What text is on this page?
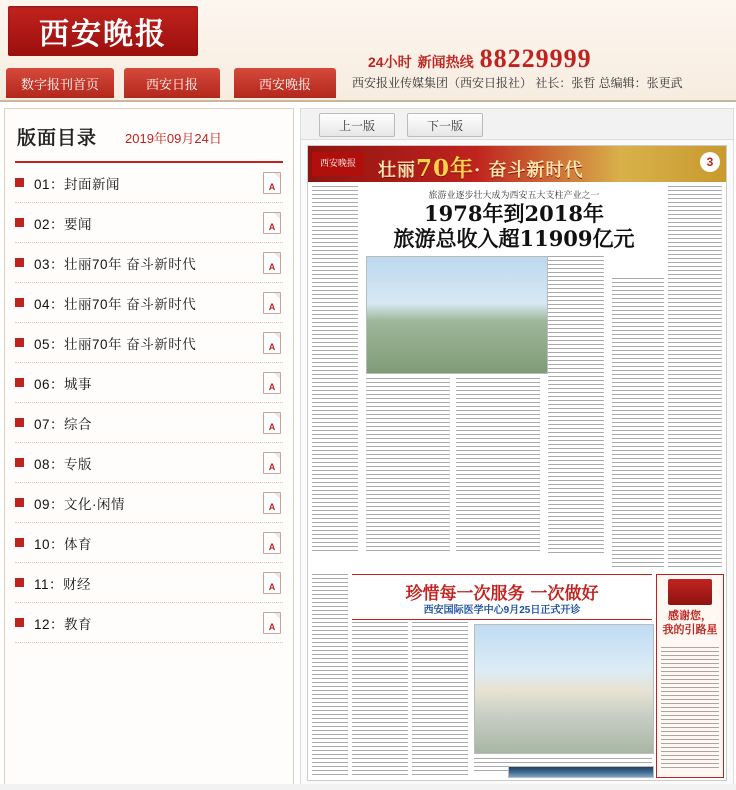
西安晚报
24小时 新闻热线 88229999
数字报刊首页	西安日报	西安晚报	西安报业传媒集团（西安日报社） 社长：张哲 总编辑：张更武
版面目录 2019年09月24日
01： 封面新闻
A
02： 要闻
A
03： 壮丽70年 奋斗新时代
A
04： 壮丽70年 奋斗新时代
A
05： 壮丽70年 奋斗新时代
A
06： 城事
A
07： 综合
A
08： 专版
A
09： 文化·闲情
A
10： 体育
A
11： 财经
A
12： 教育
A
上一版	下一版
西安晚报	壮丽70年· 奋斗新时代	3
旅游业逐步壮大成为西安五大支柱产业之一
1978年到2018年
旅游总收入超11909亿元
珍惜每一次服务 一次做好
西安国际医学中心9月25日正式开诊	感谢您，
我的引路星
